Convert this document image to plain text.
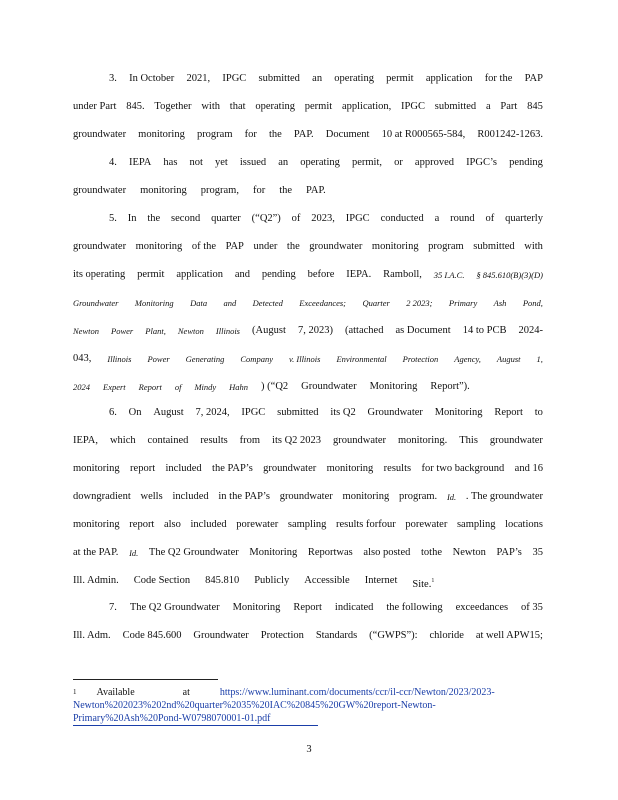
3. In October 2021, IPGC submitted an operating permit application for the PAP
under Part 845. Together with that operating permit application, IPGC submitted a Part 845
groundwater monitoring program for the PAP. Document 10 at R000565-584, R001242-1263.
4. IEPA has not yet issued an operating permit, or approved IPGC’s pending
groundwater monitoring program, for the PAP.
5. In the second quarter (“Q2”) of 2023, IPGC conducted a round of quarterly
groundwater monitoring of the PAP under the groundwater monitoring program submitted with
its operating permit application and pending before IEPA. Ramboll, 35 I.A.C. § 845.610(B)(3)(D)
Groundwater Monitoring Data and Detected Exceedances; Quarter 2 2023; Primary Ash Pond,
Newton Power Plant, Newton Illinois (August 7, 2023) (attached as Document 14 to PCB 2024-
043, Illinois Power Generating Company v. Illinois Environmental Protection Agency, August 1,
2024 Expert Report of Mindy Hahn ) (“Q2 Groundwater Monitoring Report”).
6. On August 7, 2024, IPGC submitted its Q2 Groundwater Monitoring Report to
IEPA, which contained results from its Q2 2023 groundwater monitoring. This groundwater
monitoring report included the PAP’s groundwater monitoring results for two background and 16
downgradient wells included in the PAP’s groundwater monitoring program. Id. . The groundwater
monitoring report also included porewater sampling results forfour porewater sampling locations
at the PAP. Id. The Q2 Groundwater Monitoring Reportwas also posted tothe Newton PAP’s 35
Ill. Admin. Code Section 845.810 Publicly Accessible Internet Site.$^1$
7. The Q2 Groundwater Monitoring Report indicated the following exceedances of 35
Ill. Adm. Code 845.600 Groundwater Protection Standards (“GWPS”): chloride at well APW15;
1 Available	at	https://www.luminant.com/documents/ccr/il-ccr/Newton/2023/2023-
Newton%202023%202nd%20quarter%2035%20IAC%20845%20GW%20report-Newton-
Primary%20Ash%20Pond-W0798070001-01.pdf
3
